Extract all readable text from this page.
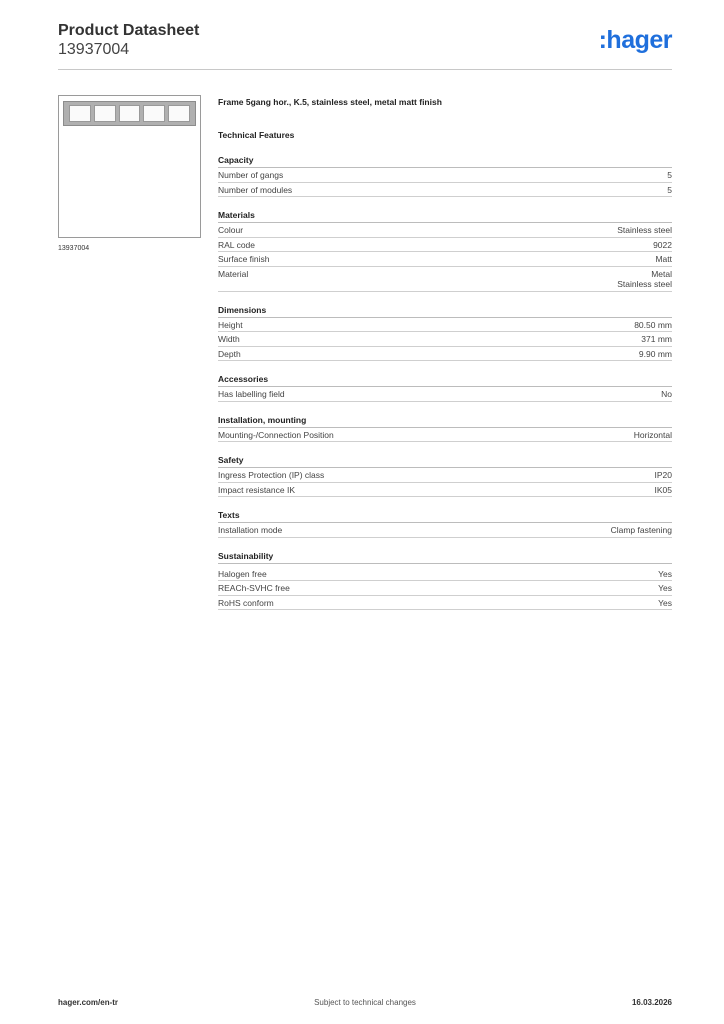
Product Datasheet
13937004	:hager
13937004
Frame 5gang hor., K.5, stainless steel, metal matt finish
Technical Features
Capacity
Number of gangs	5
Number of modules	5
Materials
Colour	Stainless steel
RAL code	9022
Surface finish	Matt
Material	Metal
Stainless steel
Dimensions
Height	80.50 mm
Width	371 mm
Depth	9.90 mm
Accessories
Has labelling field	No
Installation, mounting
Mounting-/Connection Position	Horizontal
Safety
Ingress Protection (IP) class	IP20
Impact resistance IK	IK05
Texts
Installation mode	Clamp fastening
Sustainability
Halogen free	Yes
REACh-SVHC free	Yes
RoHS conform	Yes
hager.com/en-tr	Subject to technical changes	16.03.2026
